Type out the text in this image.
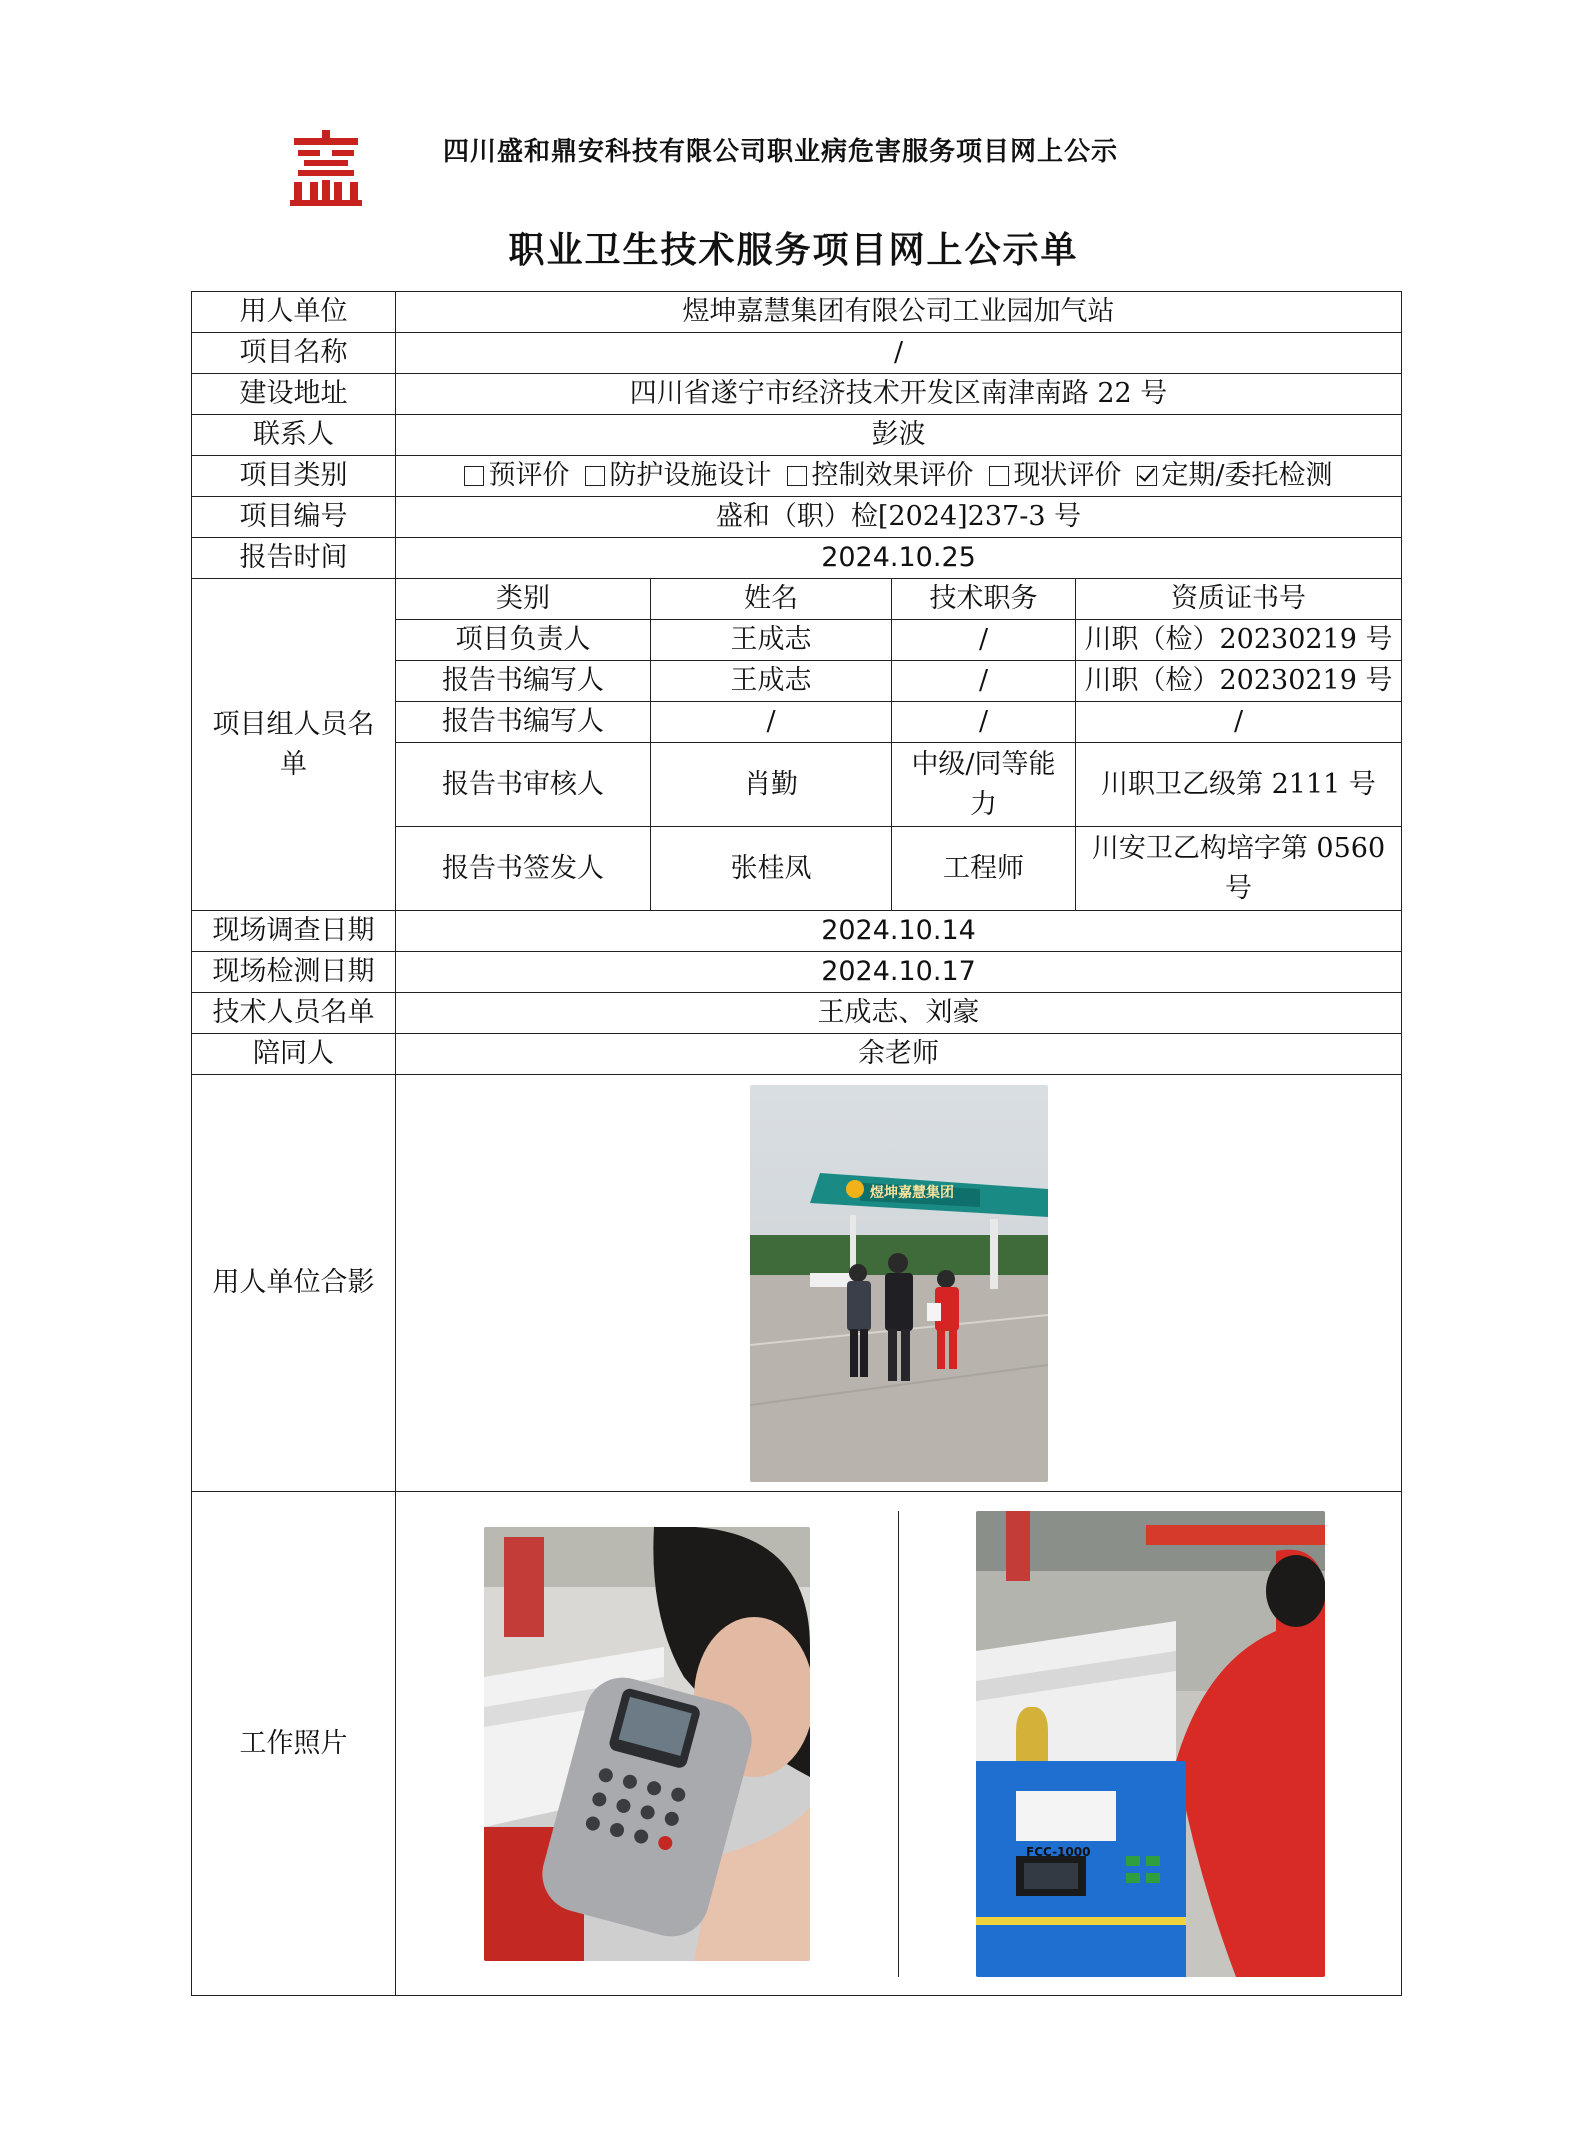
四川盛和鼎安科技有限公司职业病危害服务项目网上公示
职业卫生技术服务项目网上公示单
用人单位	煜坤嘉慧集团有限公司工业园加气站
项目名称	/
建设地址	四川省遂宁市经济技术开发区南津南路 22 号
联系人	彭波
项目类别	预评价 防护设施设计 控制效果评价 现状评价 定期/委托检测
项目编号	盛和（职）检[2024]237-3 号
报告时间	2024.10.25
项目组人员名单	类别	姓名	技术职务	资质证书号
项目负责人	王成志	/	川职（检）20230219 号
报告书编写人	王成志	/	川职（检）20230219 号
报告书编写人	/	/	/
报告书审核人	肖勤	中级/同等能力	川职卫乙级第 2111 号
报告书签发人	张桂凤	工程师	川安卫乙构培字第 0560 号
现场调查日期	2024.10.14
现场检测日期	2024.10.17
技术人员名单	王成志、刘豪
陪同人	余老师
用人单位合影	
煜坤嘉慧集团

工作照片	

FCC-1000
